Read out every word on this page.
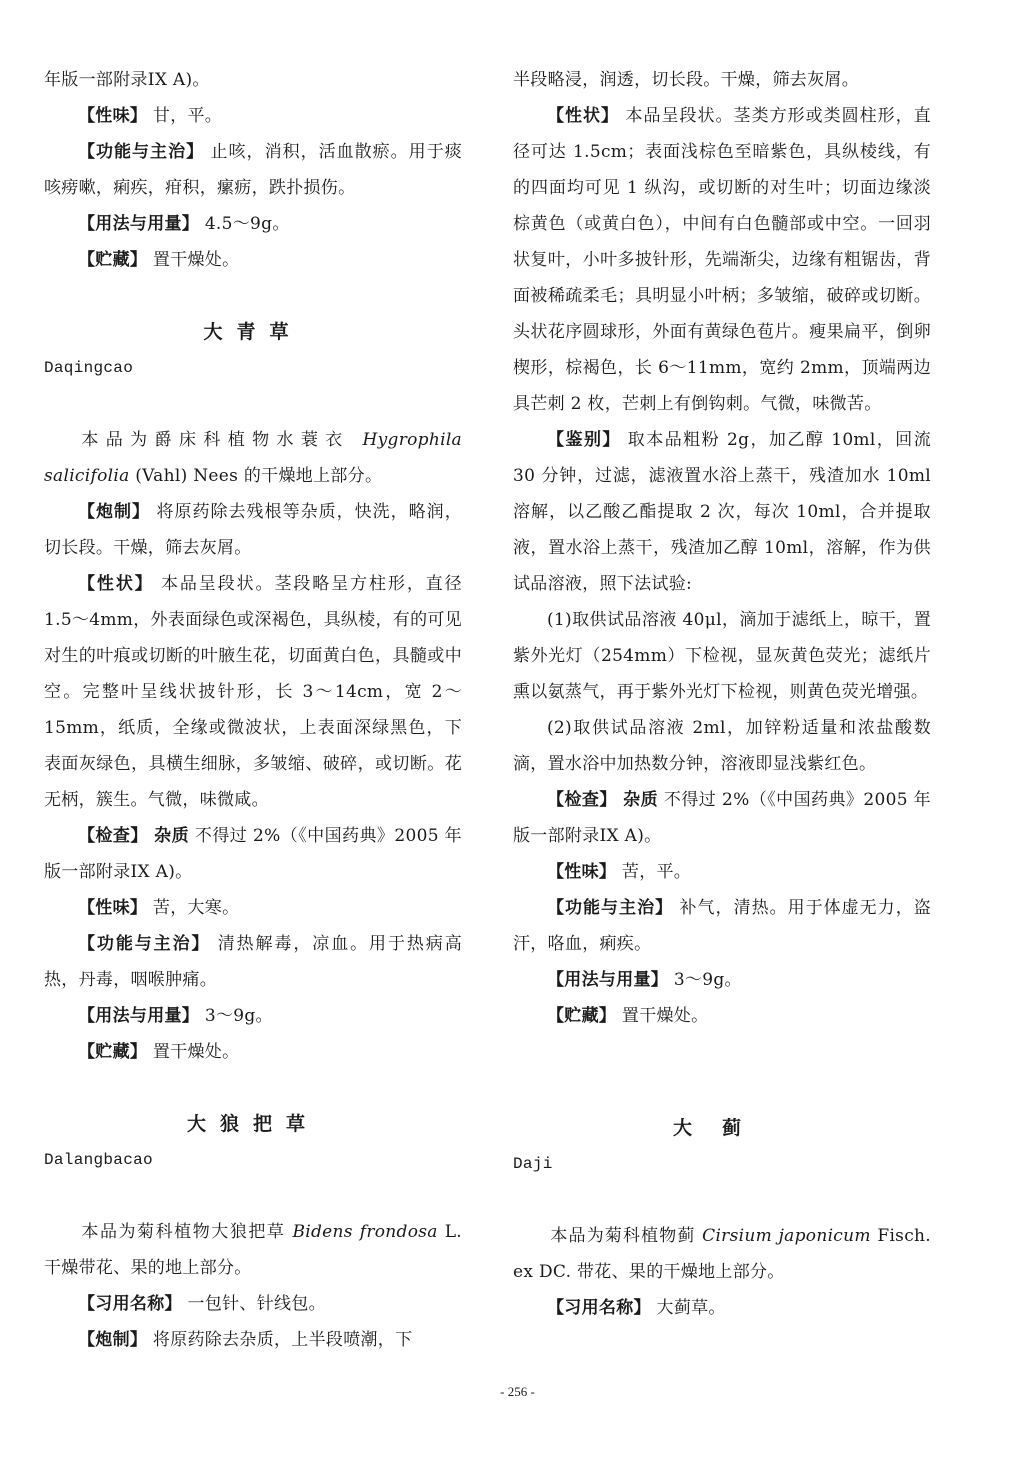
年版一部附录IX A)。

【性味】 甘，平。

【功能与主治】 止咳，消积，活血散瘀。用于痰咳痨嗽，痢疾，疳积，瘰疬，跌扑损伤。

【用法与用量】 4.5～9g。

【贮藏】 置干燥处。

大青草

Daqingcao

本品为爵床科植物水蓑衣 Hygrophila salicifolia (Vahl) Nees 的干燥地上部分。

【炮制】 将原药除去残根等杂质，快洗，略润，切长段。干燥，筛去灰屑。

【性状】 本品呈段状。茎段略呈方柱形，直径 1.5～4mm，外表面绿色或深褐色，具纵棱，有的可见对生的叶痕或切断的叶腋生花，切面黄白色，具髓或中空。完整叶呈线状披针形，长 3～14cm，宽 2～15mm，纸质，全缘或微波状，上表面深绿黑色，下表面灰绿色，具横生细脉，多皱缩、破碎，或切断。花无柄，簇生。气微，味微咸。

【检查】 杂质 不得过 2%（《中国药典》2005 年版一部附录IX A)。

【性味】 苦，大寒。

【功能与主治】 清热解毒，凉血。用于热病高热，丹毒，咽喉肿痛。

【用法与用量】 3～9g。

【贮藏】 置干燥处。

大狼把草

Dalangbacao

本品为菊科植物大狼把草 Bidens frondosa L. 干燥带花、果的地上部分。

【习用名称】 一包针、针线包。

【炮制】 将原药除去杂质，上半段喷潮，下

半段略浸，润透，切长段。干燥，筛去灰屑。

【性状】 本品呈段状。茎类方形或类圆柱形，直径可达 1.5cm；表面浅棕色至暗紫色，具纵棱线，有的四面均可见 1 纵沟，或切断的对生叶；切面边缘淡棕黄色（或黄白色），中间有白色髓部或中空。一回羽状复叶，小叶多披针形，先端渐尖，边缘有粗锯齿，背面被稀疏柔毛；具明显小叶柄；多皱缩，破碎或切断。头状花序圆球形，外面有黄绿色苞片。瘦果扁平，倒卵楔形，棕褐色，长 6～11mm，宽约 2mm，顶端两边具芒刺 2 枚，芒刺上有倒钩刺。气微，味微苦。

【鉴别】 取本品粗粉 2g，加乙醇 10ml，回流 30 分钟，过滤，滤液置水浴上蒸干，残渣加水 10ml 溶解，以乙酸乙酯提取 2 次，每次 10ml，合并提取液，置水浴上蒸干，残渣加乙醇 10ml，溶解，作为供试品溶液，照下法试验:

(1)取供试品溶液 40μl，滴加于滤纸上，晾干，置紫外光灯（254mm）下检视，显灰黄色荧光；滤纸片熏以氨蒸气，再于紫外光灯下检视，则黄色荧光增强。

(2)取供试品溶液 2ml，加锌粉适量和浓盐酸数滴，置水浴中加热数分钟，溶液即显浅紫红色。

【检查】 杂质 不得过 2%（《中国药典》2005 年版一部附录IX A)。

【性味】 苦，平。

【功能与主治】 补气，清热。用于体虚无力，盗汗，咯血，痢疾。

【用法与用量】 3～9g。

【贮藏】 置干燥处。

大蓟

Daji

本品为菊科植物蓟 Cirsium japonicum Fisch. ex DC. 带花、果的干燥地上部分。

【习用名称】 大蓟草。

- 256 -
